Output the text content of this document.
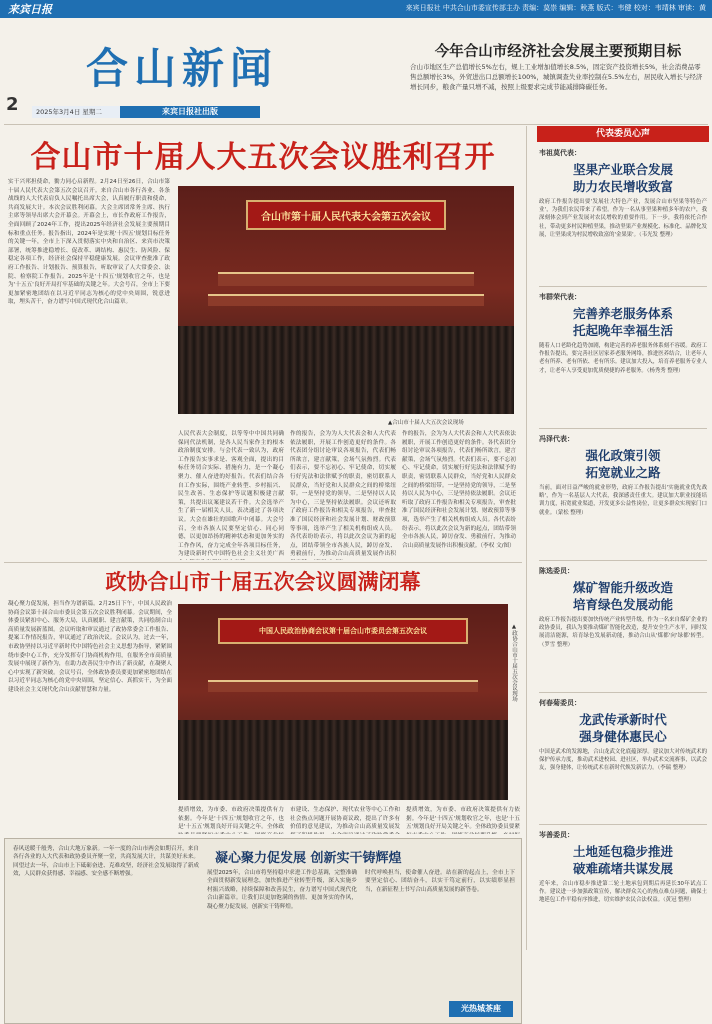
来宾日报	来宾日报社 中共合山市委宣传部主办 责编：莫崇 编辑：秋燕 版式：韦健 校对：韦靖林 审读：黄
合山新闻
2	2025年3月4日 星期二	来宾日报社出版
今年合山市经济社会发展主要预期目标
合山市地区生产总值增长5%左右，规上工业增加值增长8.5%，固定资产投资增长5%，社会消费品零售总额增长3%，外贸进出口总额增长100%，城镇调查失业率控制在5.5%左右，居民收入增长与经济增长同步，粮食产量只增不减，按照上级要求完成节能减排降碳任务。
合山市十届人大五次会议胜利召开
实干兴邦担使命，勠力同心启新程。2月24日至26日，合山市第十届人民代表大会第五次会议召开。来自合山市各行各业、各条战线的人大代表肩负人民嘱托出席大会，认真履行职责和使命，共商发展大计。本次会议胜利闭幕。大会主席团常务主席、执行主席等领导出席大会开幕会。开幕会上，市长作政府工作报告，全面回顾了2024年工作，提出2025年经济社会发展主要预期目标和重点任务。报告指出，2024年是实现'十四五'规划目标任务的关键一年，全市上下深入贯彻落实中央和自治区、来宾市决策部署，统筹推进稳增长、促改革、调结构、惠民生、防风险、保稳定各项工作，经济社会保持平稳健康发展。会议审查批准了政府工作报告、计划报告、预算报告，听取审议了人大常委会、法院、检察院工作报告。2025年是'十四五'规划收官之年，也是为'十五五'良好开局打牢基础的关键之年。大会号召，全市上下要更加紧密地团结在以习近平同志为核心的党中央周围，锐意进取，埋头苦干，奋力谱写中国式现代化合山篇章。
合山市第十届人民代表大会第五次会议
▲合山市十届人大五次会议现场
人民代表大会制度，以等等中中国共同确保同代法机制，是各人民当家作主的根本政治制度安排。与会代表一致认为，政府工作报告实事求是、客观全面，提出的目标任务切合实际、措施有力，是一个凝心聚力、催人奋进的好报告。代表们结合各自工作实际，围绕产业转型、乡村振兴、民生改善、生态保护等议题积极建言献策，共提出议案建议若干件。大会选举产生了新一届相关人员，表决通过了各项决议。大会在雄壮的国歌声中闭幕。大会号召，全市各族人民要坚定信心、同心同德，以更加昂扬的精神状态和更加务实的工作作风，奋力完成全年各项目标任务，为建设新时代中国特色社会主义壮美广西
作的报告，会为为人大代表会和人大代表依法履职，开展工作创造更好的条件。各代表团分组讨论审议各项报告，代表们畅所欲言，建言献策，会场气氛热烈。代表们表示，要不忘初心、牢记使命，切实履行好宪法和法律赋予的职责，密切联系人民群众，当好党和人民群众之间的桥梁纽带。一是坚持党的领导，二是坚持以人民为中心，三是坚持依法履职。会议还听取了政府工作报告和相关专项报告，审查批准了国民经济和社会发展计划、财政预算等事项，选举产生了相关机构组成人员。各代表纷纷表示，将以此次会议为新的起点，团结带领全市各族人民，踔厉奋发、勇毅前行，为推动合山高质量发展作出积
作的报告，会为为人大代表会和人大代表依法履职，开展工作创造更好的条件。各代表团分组讨论审议各项报告，代表们畅所欲言，建言献策，会场气氛热烈。代表们表示，要不忘初心、牢记使命，切实履行好宪法和法律赋予的职责，密切联系人民群众，当好党和人民群众之间的桥梁纽带。一是坚持党的领导，二是坚持以人民为中心，三是坚持依法履职。会议还听取了政府工作报告和相关专项报告，审查批准了国民经济和社会发展计划、财政预算等事项，选举产生了相关机构组成人员。各代表纷纷表示，将以此次会议为新的起点，团结带领全市各族人民，踔厉奋发、勇毅前行，为推动合山高质量发展作出积极贡献。（李权 文/图）
政协合山市十届五次会议圆满闭幕
凝心聚力促发展，担当作为谱新篇。2月25日下午，中国人民政治协商会议第十届合山市委员会第五次会议胜利闭幕。会议期间，全体委员紧扣中心、服务大局，认真履职、建言献策，共同绘制合山高质量发展新蓝图。会议听取和审议通过了政协常委会工作报告、提案工作情况报告，审议通过了政治决议。会议认为，过去一年，市政协坚持以习近平新时代中国特色社会主义思想为指导，紧紧围绕市委中心工作，充分发挥专门协商机构作用，在服务全市高质量发展中展现了新作为，在助力改善民生中作出了新贡献，在凝聚人心中实现了新突破。会议号召，全体政协委员要更加紧密地团结在以习近平同志为核心的党中央周围，坚定信心、真抓实干，为全面建设社会主义现代化合山贡献智慧和力量。
中国人民政治协商会议第十届合山市委员会第五次会议	▲政协合山市十届五次会议现场
提质增效，为市委、市政府决策提供有力依据。今年是'十四五'规划收官之年，也是'十五五'规划良好开局关键之年。全体政
市建设、生态保护、现代农业等中心工作和社会热点问题开展协商议政，提出了许多有价值的意见建议，为推动合山高质量发展发
提质增效，为市委、市政府决策提供有力依据。今年是'十四五'规划收官之年，也是'十五五'规划良好开局关键之年。全体政协委员要紧
代表委员心声
韦祖莫代表：
坚果产业联合发展
助力农民增收致富
政府工作报告提出要'发展壮大特色产业，发展合山市坚果等特色产业'，为我们农民带来了希望。作为一名从事坚果种植多年的农户，我深刻体会到产业发展对农民增收的重要作用。下一步，我将依托合作社，带动更多村民种植坚果，推动坚果产业规模化、标准化、品牌化发展，让坚果成为村民增收致富的'金果果'。（韦光发 整理）
韦群荣代表：
完善养老服务体系
托起晚年幸福生活
随着人口老龄化趋势加剧，构建完善的养老服务体系刻不容缓。政府工作报告提出，要完善社区居家养老服务网络，推进医养结合，让老年人老有所养、老有所依、老有所乐。建议加大投入，培育养老服务专业人才，让老年人享受更加优质便捷的养老服务。（杨秀秀 整理）
冯泽代表：
强化政策引领
拓宽就业之路
当前，面对日益严峻的就业形势，政府工作报告提出'实施就业优先战略'，作为一名基层人大代表，我深感责任重大。建议加大职业技能培训力度，拓宽就业渠道，开发更多公益性岗位，让更多群众实现家门口就业。（蒙松 整理）
陈选委员：
煤矿智能升级改造
培育绿色发展动能
政府工作报告提出要加快传统产业转型升级。作为一名来自煤矿企业的政协委员，我认为要推动煤矿智能化改造，提升安全生产水平，同时发展清洁能源，培育绿色发展新动能，推动合山从'煤都'向'绿都'转型。（罗雪 整理）
何春菊委员：
龙武传承新时代
强身健体惠民心
中国是武术的发源地，合山龙武文化底蕴深厚。建议加大对传统武术的保护传承力度，推动武术进校园、进社区，举办武术交流赛事，以武会友，强身健体，让传统武术在新时代焕发新活力。（李瑞 整理）
岑善委员：
土地延包稳步推进
破难疏堵共谋发展
近年来，合山市稳步推进第二轮土地承包到期后再延长30年试点工作。建议进一步加强政策宣传，解决群众关心的热点难点问题，确保土地延包工作平稳有序推进，切实维护农民合法权益。（黄冠 整理）
凝心聚力促发展 创新实干铸辉煌
春风送暖千般秀，合山大地万象新。一年一度的合山市两会如期召开，来自各行各业的人大代表和政协委员齐聚一堂，共商发展大计，共谋美好未来。回望过去一年，合山市上下砥砺奋进、克难攻坚，经济社会发展取得了新成效，人民群众获得感、幸福感、安全感不断增强。	展望2025年，合山市将坚持稳中求进工作总基调，完整准确全面贯彻新发展理念，加快推进产业转型升级，深入实施乡村振兴战略，持续保障和改善民生，奋力谱写中国式现代化合山新篇章。让我们以更加饱满的热情、更加务实的作风，凝心聚力促发展，创新实干铸辉煌。
时代呼唤担当，使命催人奋进。站在新的起点上，全市上下要坚定信心、团结奋斗，以实干笃定前行，以实绩彰显担当，在新征程上书写合山高质量发展的新答卷。
光热城茶座
